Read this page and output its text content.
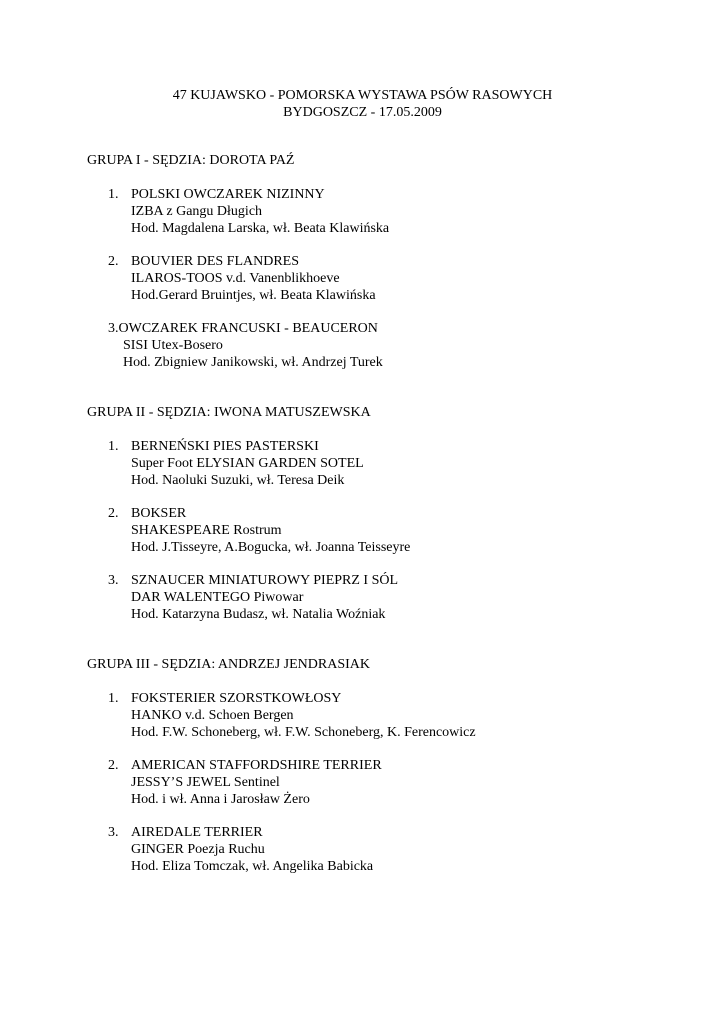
47 KUJAWSKO - POMORSKA WYSTAWA PSÓW RASOWYCH
BYDGOSZCZ - 17.05.2009
GRUPA I - SĘDZIA: DOROTA PAŹ
1. POLSKI OWCZAREK NIZINNY
IZBA z Gangu Długich
Hod. Magdalena Larska, wł. Beata Klawińska
2. BOUVIER DES FLANDRES
ILAROS-TOOS v.d. Vanenblikhoeve
Hod.Gerard Bruintjes, wł. Beata Klawińska
3.OWCZAREK FRANCUSKI - BEAUCERON
SISI Utex-Bosero
Hod. Zbigniew Janikowski, wł. Andrzej Turek
GRUPA II - SĘDZIA: IWONA MATUSZEWSKA
1. BERNEŃSKI PIES PASTERSKI
Super Foot ELYSIAN GARDEN SOTEL
Hod. Naoluki Suzuki, wł. Teresa Deik
2. BOKSER
SHAKESPEARE Rostrum
Hod. J.Tisseyre, A.Bogucka, wł. Joanna Teisseyre
3. SZNAUCER MINIATUROWY PIEPRZ I SÓL
DAR WALENTEGO Piwowar
Hod. Katarzyna Budasz, wł. Natalia Woźniak
GRUPA III - SĘDZIA: ANDRZEJ JENDRASIAK
1. FOKSTERIER SZORSTKOWŁOSY
HANKO v.d. Schoen Bergen
Hod. F.W. Schoneberg, wł. F.W. Schoneberg, K. Ferencowicz
2. AMERICAN STAFFORDSHIRE TERRIER
JESSY’S JEWEL Sentinel
Hod. i wł. Anna i Jarosław Żero
3. AIREDALE TERRIER
GINGER Poezja Ruchu
Hod. Eliza Tomczak, wł. Angelika Babicka
